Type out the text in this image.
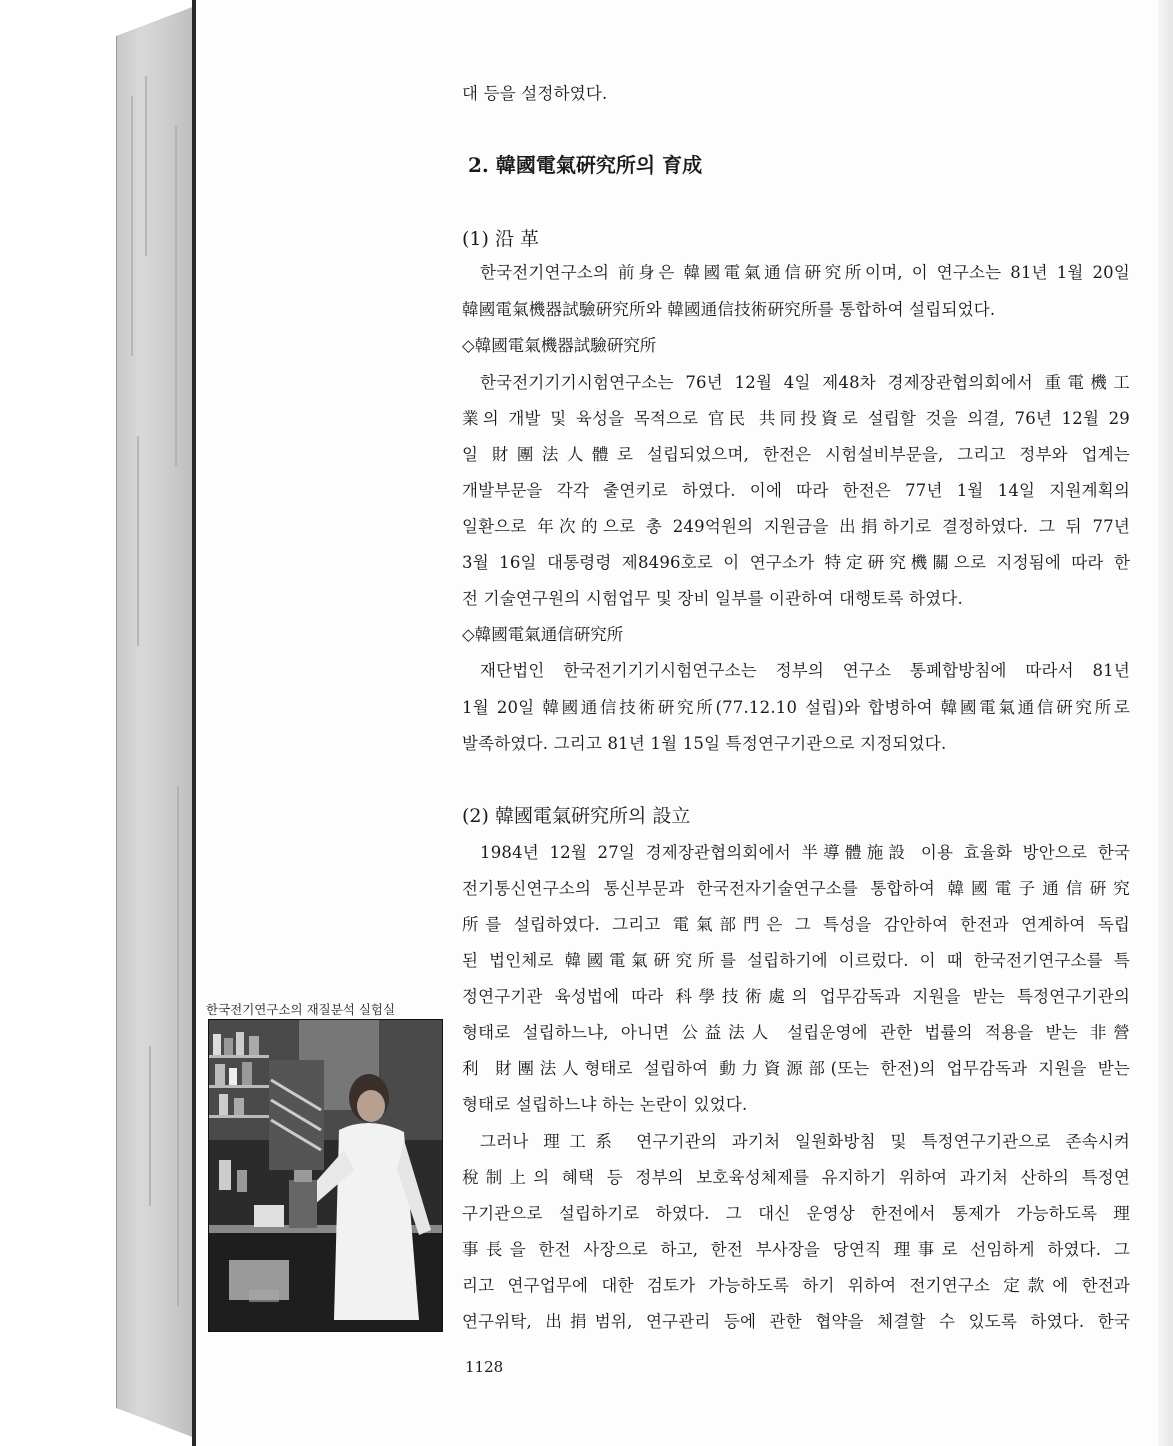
대 등을 설정하였다.
2. 韓國電氣硏究所의 育成
(1) 沿 革
한국전기연구소의 前身은 韓國電氣通信硏究所이며, 이 연구소는 81년 1월 20일
韓國電氣機器試驗硏究所와 韓國通信技術硏究所를 통합하여 설립되었다.
◇韓國電氣機器試驗硏究所
한국전기기기시험연구소는 76년 12월 4일 제48차 경제장관협의회에서 重電機工
業의 개발 및 육성을 목적으로 官民 共同投資로 설립할 것을 의결, 76년 12월 29
일 財團法人體로 설립되었으며, 한전은 시험설비부문을, 그리고 정부와 업계는
개발부문을 각각 출연키로 하였다. 이에 따라 한전은 77년 1월 14일 지원계획의
일환으로 年次的으로 총 249억원의 지원금을 出捐하기로 결정하였다. 그 뒤 77년
3월 16일 대통령령 제8496호로 이 연구소가 特定硏究機關으로 지정됨에 따라 한
전 기술연구원의 시험업무 및 장비 일부를 이관하여 대행토록 하였다.
◇韓國電氣通信硏究所
재단법인 한국전기기기시험연구소는 정부의 연구소 통폐합방침에 따라서 81년
1월 20일 韓國通信技術硏究所(77.12.10 설립)와 합병하여 韓國電氣通信硏究所로
발족하였다. 그리고 81년 1월 15일 특정연구기관으로 지정되었다.
(2) 韓國電氣硏究所의 設立
1984년 12월 27일 경제장관협의회에서 半導體施設 이용 효율화 방안으로 한국
전기통신연구소의 통신부문과 한국전자기술연구소를 통합하여 韓國電子通信硏究
所를 설립하였다. 그리고 電氣部門은 그 특성을 감안하여 한전과 연계하여 독립
된 법인체로 韓國電氣硏究所를 설립하기에 이르렀다. 이 때 한국전기연구소를 특
정연구기관 육성법에 따라 科學技術處의 업무감독과 지원을 받는 특정연구기관의
형태로 설립하느냐, 아니면 公益法人 설립운영에 관한 법률의 적용을 받는 非營
利 財團法人형태로 설립하여 動力資源部(또는 한전)의 업무감독과 지원을 받는
형태로 설립하느냐 하는 논란이 있었다.
그러나 理工系 연구기관의 과기처 일원화방침 및 특정연구기관으로 존속시켜
稅制上의 혜택 등 정부의 보호육성체제를 유지하기 위하여 과기처 산하의 특정연
구기관으로 설립하기로 하였다. 그 대신 운영상 한전에서 통제가 가능하도록 理
事長을 한전 사장으로 하고, 한전 부사장을 당연직 理事로 선임하게 하였다. 그
리고 연구업무에 대한 검토가 가능하도록 하기 위하여 전기연구소 定款에 한전과
연구위탁, 出捐범위, 연구관리 등에 관한 협약을 체결할 수 있도록 하였다. 한국
한국전기연구소의 재질분석 실험실
1128
